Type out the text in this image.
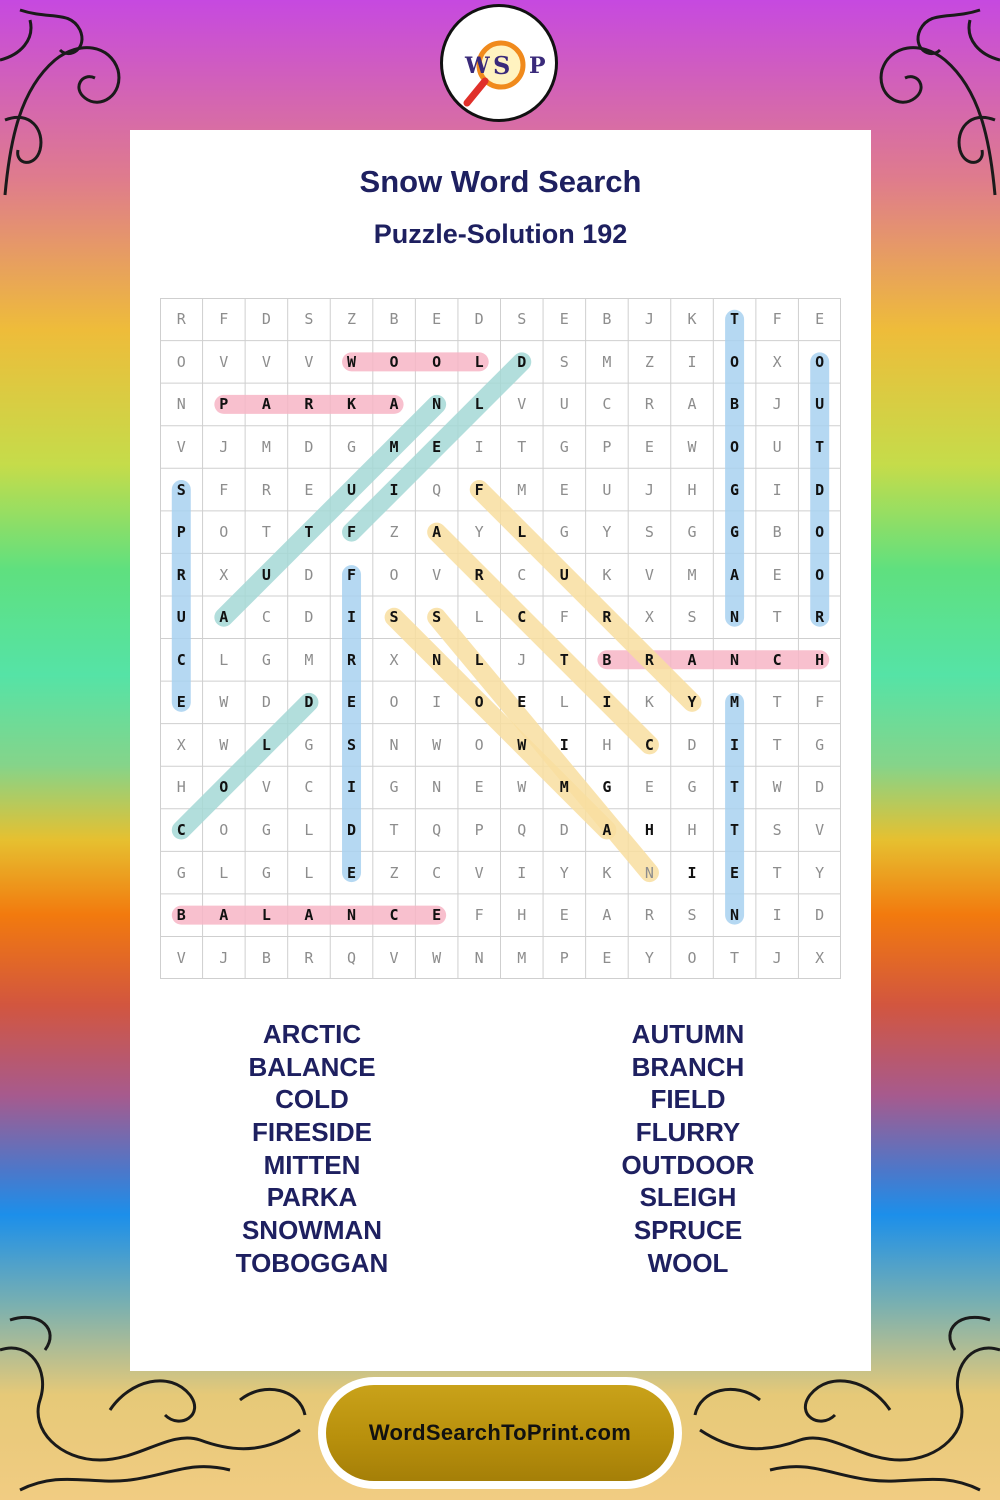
W S P
Snow Word Search
Puzzle-Solution 192
R	F	D	S	Z	B	E	D	S	E	B	J	K	T	F	E
O	V	V	V	W	O	O	L	D	S	M	Z	I	O	X	O
N	P	A	R	K	A	N	L	V	U	C	R	A	B	J	U
V	J	M	D	G	M	E	I	T	G	P	E	W	O	U	T
S	F	R	E	U	I	Q	F	M	E	U	J	H	G	I	D
P	O	T	T	F	Z	A	Y	L	G	Y	S	G	G	B	O
R	X	U	D	F	O	V	R	C	U	K	V	M	A	E	O
U	A	C	D	I	S	S	L	C	F	R	X	S	N	T	R
C	L	G	M	R	X	N	L	J	T	B	R	A	N	C	H
E	W	D	D	E	O	I	O	E	L	I	K	Y	M	T	F
X	W	L	G	S	N	W	O	W	I	H	C	D	I	T	G
H	O	V	C	I	G	N	E	W	M	G	E	G	T	W	D
C	O	G	L	D	T	Q	P	Q	D	A	H	H	T	S	V
G	L	G	L	E	Z	C	V	I	Y	K	N	I	E	T	Y
B	A	L	A	N	C	E	F	H	E	A	R	S	N	I	D
V	J	B	R	Q	V	W	N	M	P	E	Y	O	T	J	X
ARCTIC
BALANCE
COLD
FIRESIDE
MITTEN
PARKA
SNOWMAN
TOBOGGAN
AUTUMN
BRANCH
FIELD
FLURRY
OUTDOOR
SLEIGH
SPRUCE
WOOL
WordSearchToPrint.com
